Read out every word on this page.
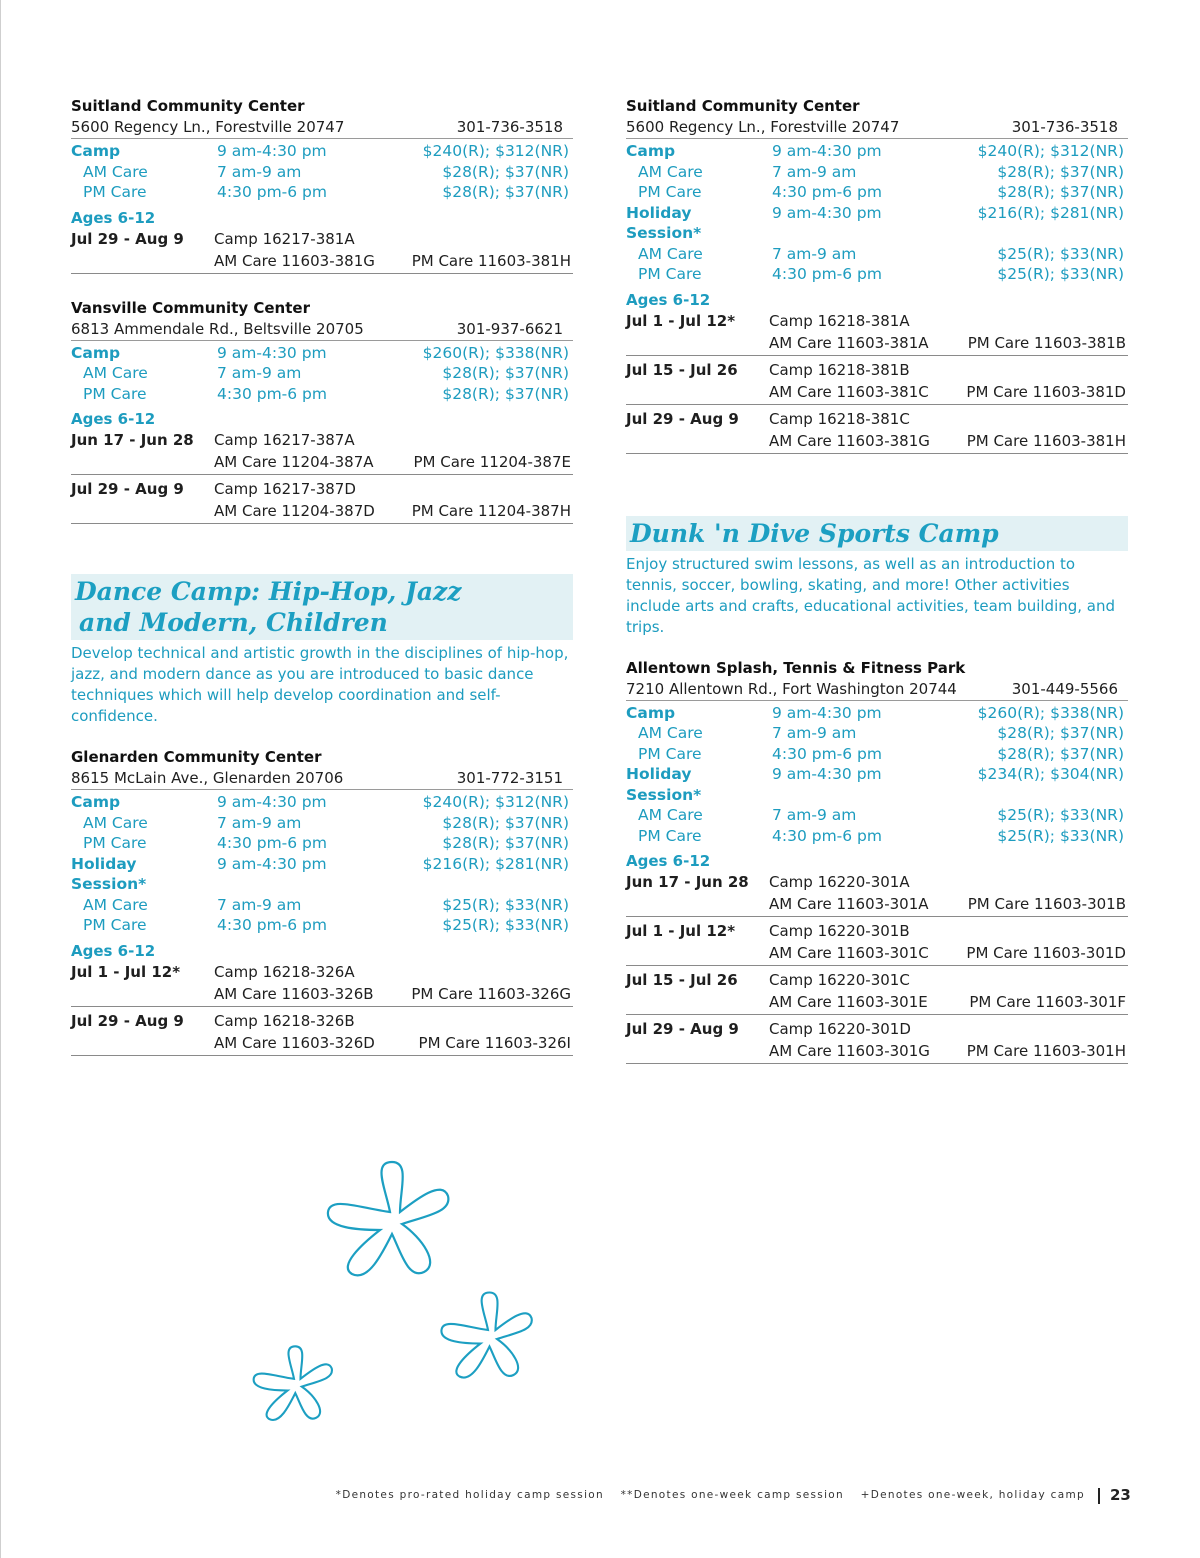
Suitland Community Center
5600 Regency Ln., Forestville 20747	301-736-3518
Camp	9 am-4:30 pm	$240(R); $312(NR)
AM Care	7 am-9 am	$28(R); $37(NR)
PM Care	4:30 pm-6 pm	$28(R); $37(NR)
Ages 6-12
Jul 29 - Aug 9	Camp 16217-381A
AM Care 11603-381G PM Care 11603-381H
Vansville Community Center
6813 Ammendale Rd., Beltsville 20705	301-937-6621
Camp	9 am-4:30 pm	$260(R); $338(NR)
AM Care	7 am-9 am	$28(R); $37(NR)
PM Care	4:30 pm-6 pm	$28(R); $37(NR)
Ages 6-12
Jun 17 - Jun 28	Camp 16217-387A
AM Care 11204-387A	PM Care 11204-387E
Jul 29 - Aug 9	Camp 16217-387D
AM Care 11204-387D PM Care 11204-387H
Dance Camp: Hip-Hop, Jazz
and Modern, Children
Develop technical and artistic growth in the disciplines of hip-hop, jazz, and modern dance as you are introduced to basic dance techniques which will help develop coordination and self-confidence.
Glenarden Community Center
8615 McLain Ave., Glenarden 20706	301-772-3151
Camp	9 am-4:30 pm	$240(R); $312(NR)
AM Care	7 am-9 am	$28(R); $37(NR)
PM Care	4:30 pm-6 pm	$28(R); $37(NR)
Holiday Session*
9 am-4:30 pm	$216(R); $281(NR)
AM Care	7 am-9 am	$25(R); $33(NR)
PM Care	4:30 pm-6 pm	$25(R); $33(NR)
Ages 6-12
Jul 1 - Jul 12*	Camp 16218-326A
AM Care 11603-326B	PM Care 11603-326G
Jul 29 - Aug 9	Camp 16218-326B
AM Care 11603-326D	PM Care 11603-326I
Suitland Community Center
5600 Regency Ln., Forestville 20747	301-736-3518
Camp	9 am-4:30 pm	$240(R); $312(NR)
AM Care	7 am-9 am	$28(R); $37(NR)
PM Care	4:30 pm-6 pm	$28(R); $37(NR)
Holiday Session*
9 am-4:30 pm	$216(R); $281(NR)
AM Care	7 am-9 am	$25(R); $33(NR)
PM Care	4:30 pm-6 pm	$25(R); $33(NR)
Ages 6-12
Jul 1 - Jul 12*	Camp 16218-381A
AM Care 11603-381A	PM Care 11603-381B
Jul 15 - Jul 26	Camp 16218-381B
AM Care 11603-381C	PM Care 11603-381D
Jul 29 - Aug 9	Camp 16218-381C
AM Care 11603-381G PM Care 11603-381H
Dunk 'n Dive Sports Camp
Enjoy structured swim lessons, as well as an introduction to tennis, soccer, bowling, skating, and more! Other activities include arts and crafts, educational activities, team building, and trips.
Allentown Splash, Tennis & Fitness Park
7210 Allentown Rd., Fort Washington 20744	301-449-5566
Camp	9 am-4:30 pm	$260(R); $338(NR)
AM Care	7 am-9 am	$28(R); $37(NR)
PM Care	4:30 pm-6 pm	$28(R); $37(NR)
Holiday Session*
9 am-4:30 pm	$234(R); $304(NR)
AM Care	7 am-9 am	$25(R); $33(NR)
PM Care	4:30 pm-6 pm	$25(R); $33(NR)
Ages 6-12
Jun 17 - Jun 28	Camp 16220-301A
AM Care 11603-301A	PM Care 11603-301B
Jul 1 - Jul 12*	Camp 16220-301B
AM Care 11603-301C	PM Care 11603-301D
Jul 15 - Jul 26	Camp 16220-301C
AM Care 11603-301E	PM Care 11603-301F
Jul 29 - Aug 9	Camp 16220-301D
AM Care 11603-301G PM Care 11603-301H
*Denotes pro-rated holiday camp session **Denotes one-week camp session +Denotes one-week, holiday camp 23
